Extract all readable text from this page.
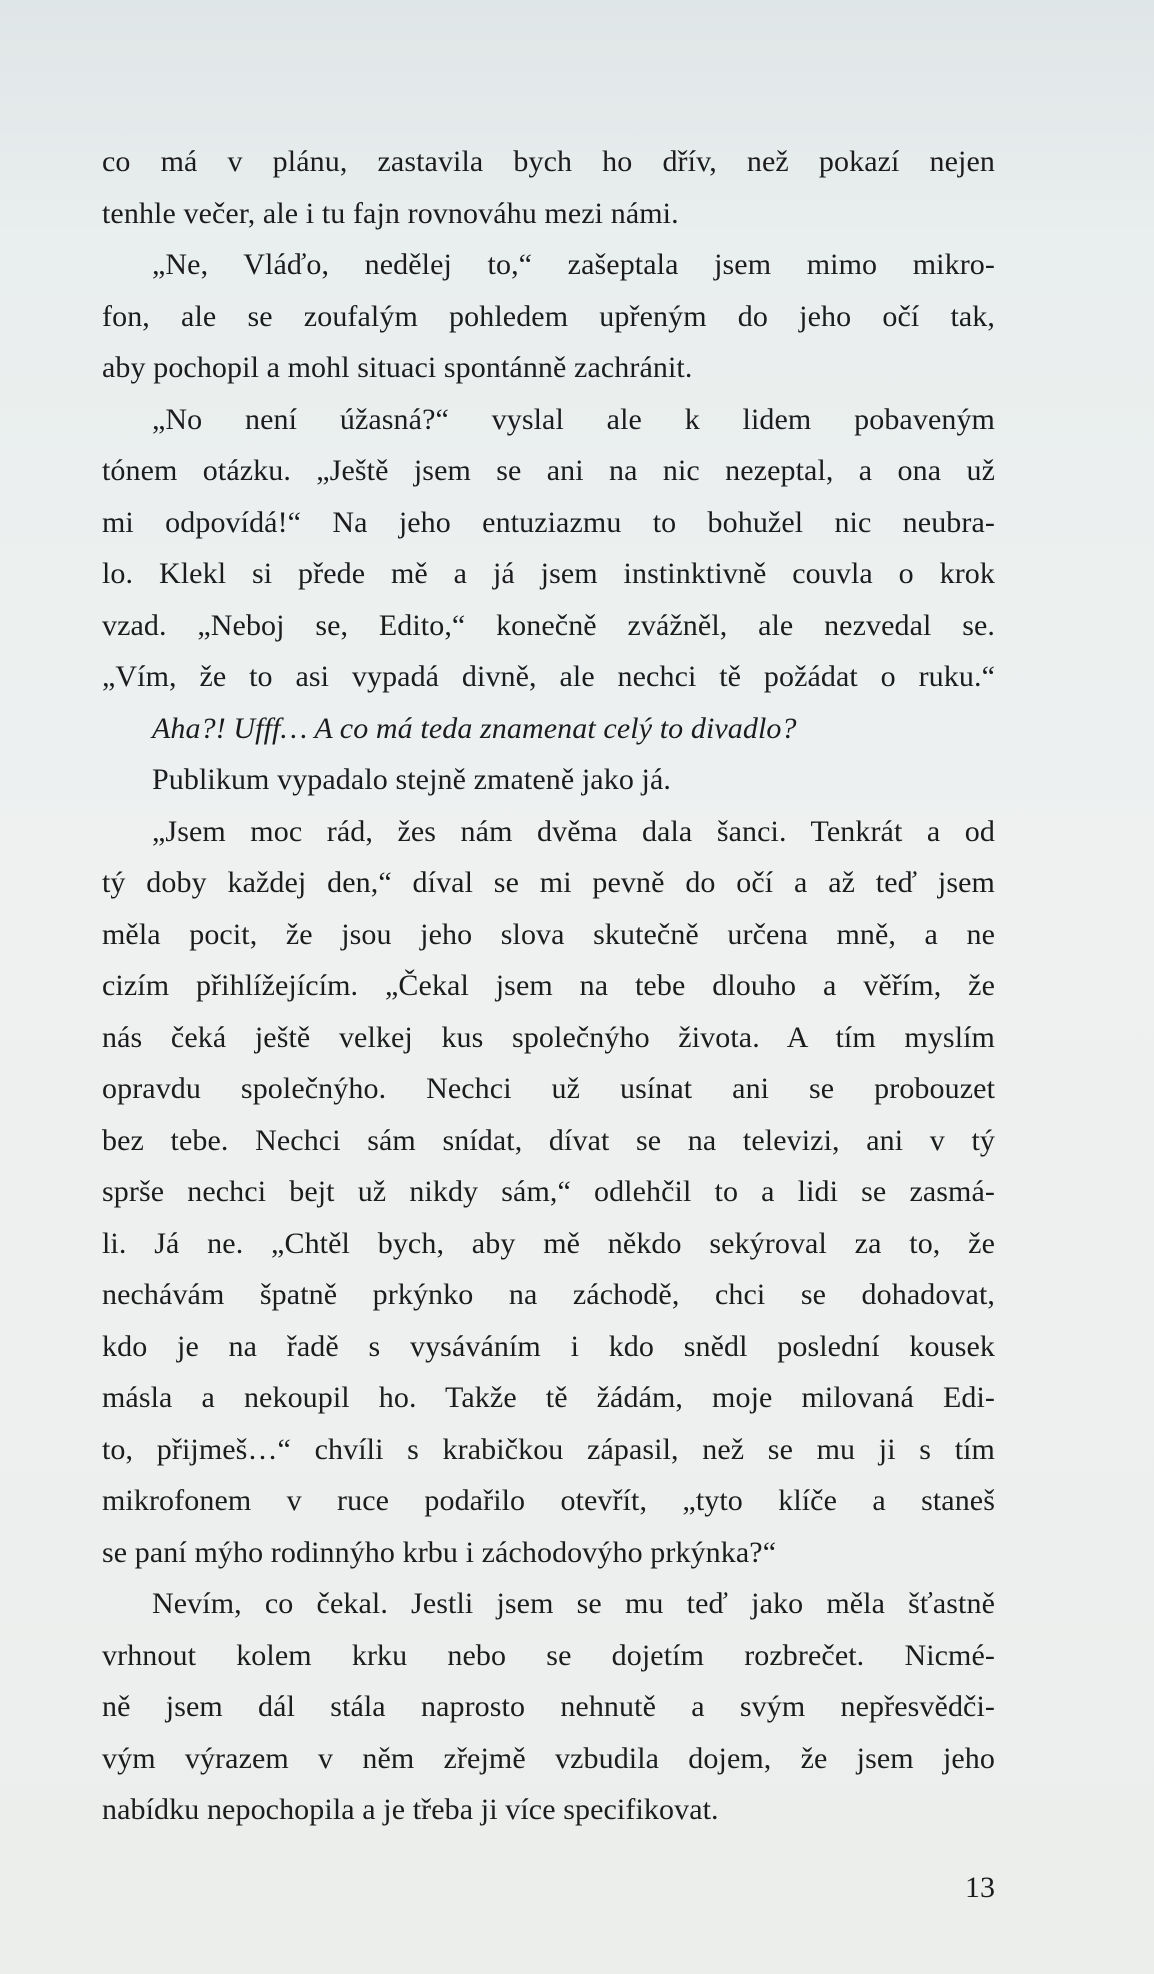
co má v plánu, zastavila bych ho dřív, než pokazí nejen
tenhle večer, ale i tu fajn rovnováhu mezi námi.
„Ne, Vláďo, nedělej to,“ zašeptala jsem mimo mikro-
fon, ale se zoufalým pohledem upřeným do jeho očí tak,
aby pochopil a mohl situaci spontánně zachránit.
„No není úžasná?“ vyslal ale k lidem pobaveným
tónem otázku. „Ještě jsem se ani na nic nezeptal, a ona už
mi odpovídá!“ Na jeho entuziazmu to bohužel nic neubra-
lo. Klekl si přede mě a já jsem instinktivně couvla o krok
vzad. „Neboj se, Edito,“ konečně zvážněl, ale nezvedal se.
„Vím, že to asi vypadá divně, ale nechci tě požádat o ruku.“
Aha?! Ufff… A co má teda znamenat celý to divadlo?
Publikum vypadalo stejně zmateně jako já.
„Jsem moc rád, žes nám dvěma dala šanci. Tenkrát a od
tý doby každej den,“ díval se mi pevně do očí a až teď jsem
měla pocit, že jsou jeho slova skutečně určena mně, a ne
cizím přihlížejícím. „Čekal jsem na tebe dlouho a věřím, že
nás čeká ještě velkej kus společnýho života. A tím myslím
opravdu společnýho. Nechci už usínat ani se probouzet
bez tebe. Nechci sám snídat, dívat se na televizi, ani v tý
sprše nechci bejt už nikdy sám,“ odlehčil to a lidi se zasmá-
li. Já ne. „Chtěl bych, aby mě někdo sekýroval za to, že
nechávám špatně prkýnko na záchodě, chci se dohadovat,
kdo je na řadě s vysáváním i kdo snědl poslední kousek
másla a nekoupil ho. Takže tě žádám, moje milovaná Edi-
to, přijmeš…“ chvíli s krabičkou zápasil, než se mu ji s tím
mikrofonem v ruce podařilo otevřít, „tyto klíče a staneš
se paní mýho rodinnýho krbu i záchodovýho prkýnka?“
Nevím, co čekal. Jestli jsem se mu teď jako měla šťastně
vrhnout kolem krku nebo se dojetím rozbrečet. Nicmé-
ně jsem dál stála naprosto nehnutě a svým nepřesvědči-
vým výrazem v něm zřejmě vzbudila dojem, že jsem jeho
nabídku nepochopila a je třeba ji více specifikovat.
13
